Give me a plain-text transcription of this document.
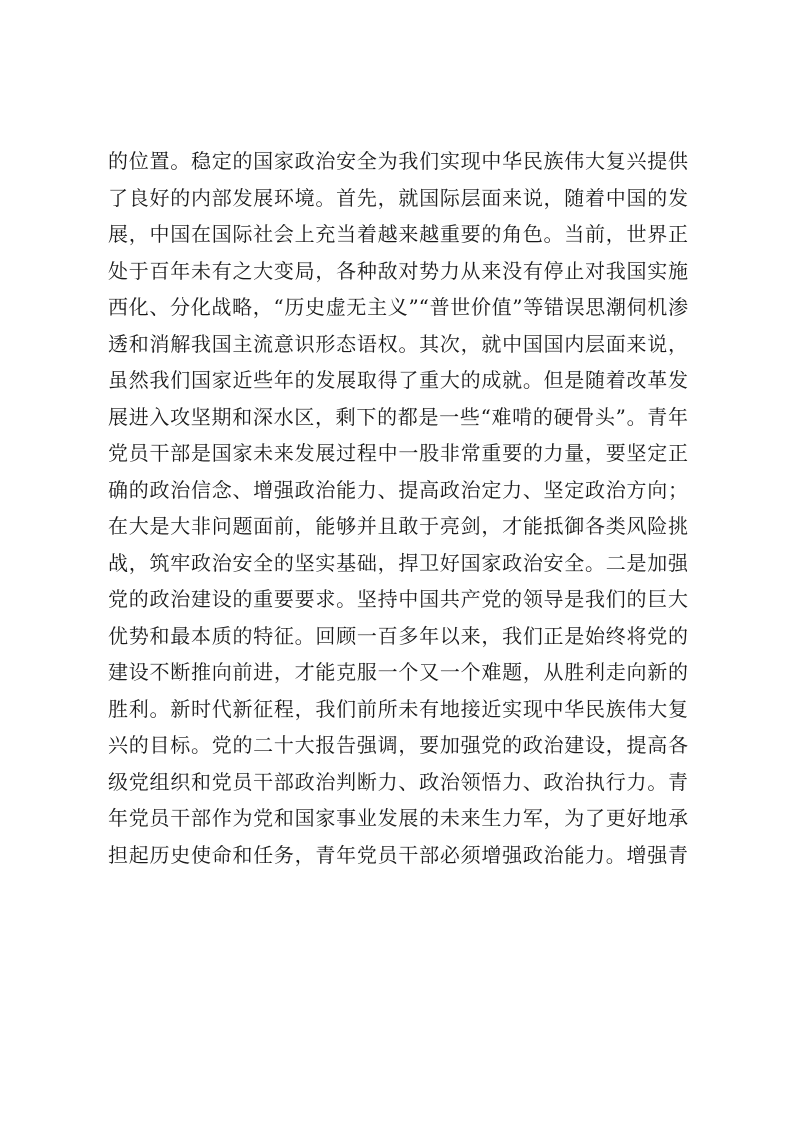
的位置。稳定的国家政治安全为我们实现中华民族伟大复兴提供
了良好的内部发展环境。首先，就国际层面来说，随着中国的发
展，中国在国际社会上充当着越来越重要的角色。当前，世界正
处于百年未有之大变局，各种敌对势力从来没有停止对我国实施
西化、分化战略，“历史虚无主义”“普世价值”等错误思潮伺机渗
透和消解我国主流意识形态语权。其次，就中国国内层面来说，
虽然我们国家近些年的发展取得了重大的成就。但是随着改革发
展进入攻坚期和深水区，剩下的都是一些“难啃的硬骨头”。青年
党员干部是国家未来发展过程中一股非常重要的力量，要坚定正
确的政治信念、增强政治能力、提高政治定力、坚定政治方向；
在大是大非问题面前，能够并且敢于亮剑，才能抵御各类风险挑
战，筑牢政治安全的坚实基础，捍卫好国家政治安全。二是加强
党的政治建设的重要要求。坚持中国共产党的领导是我们的巨大
优势和最本质的特征。回顾一百多年以来，我们正是始终将党的
建设不断推向前进，才能克服一个又一个难题，从胜利走向新的
胜利。新时代新征程，我们前所未有地接近实现中华民族伟大复
兴的目标。党的二十大报告强调，要加强党的政治建设，提高各
级党组织和党员干部政治判断力、政治领悟力、政治执行力。青
年党员干部作为党和国家事业发展的未来生力军，为了更好地承
担起历史使命和任务，青年党员干部必须增强政治能力。增强青
